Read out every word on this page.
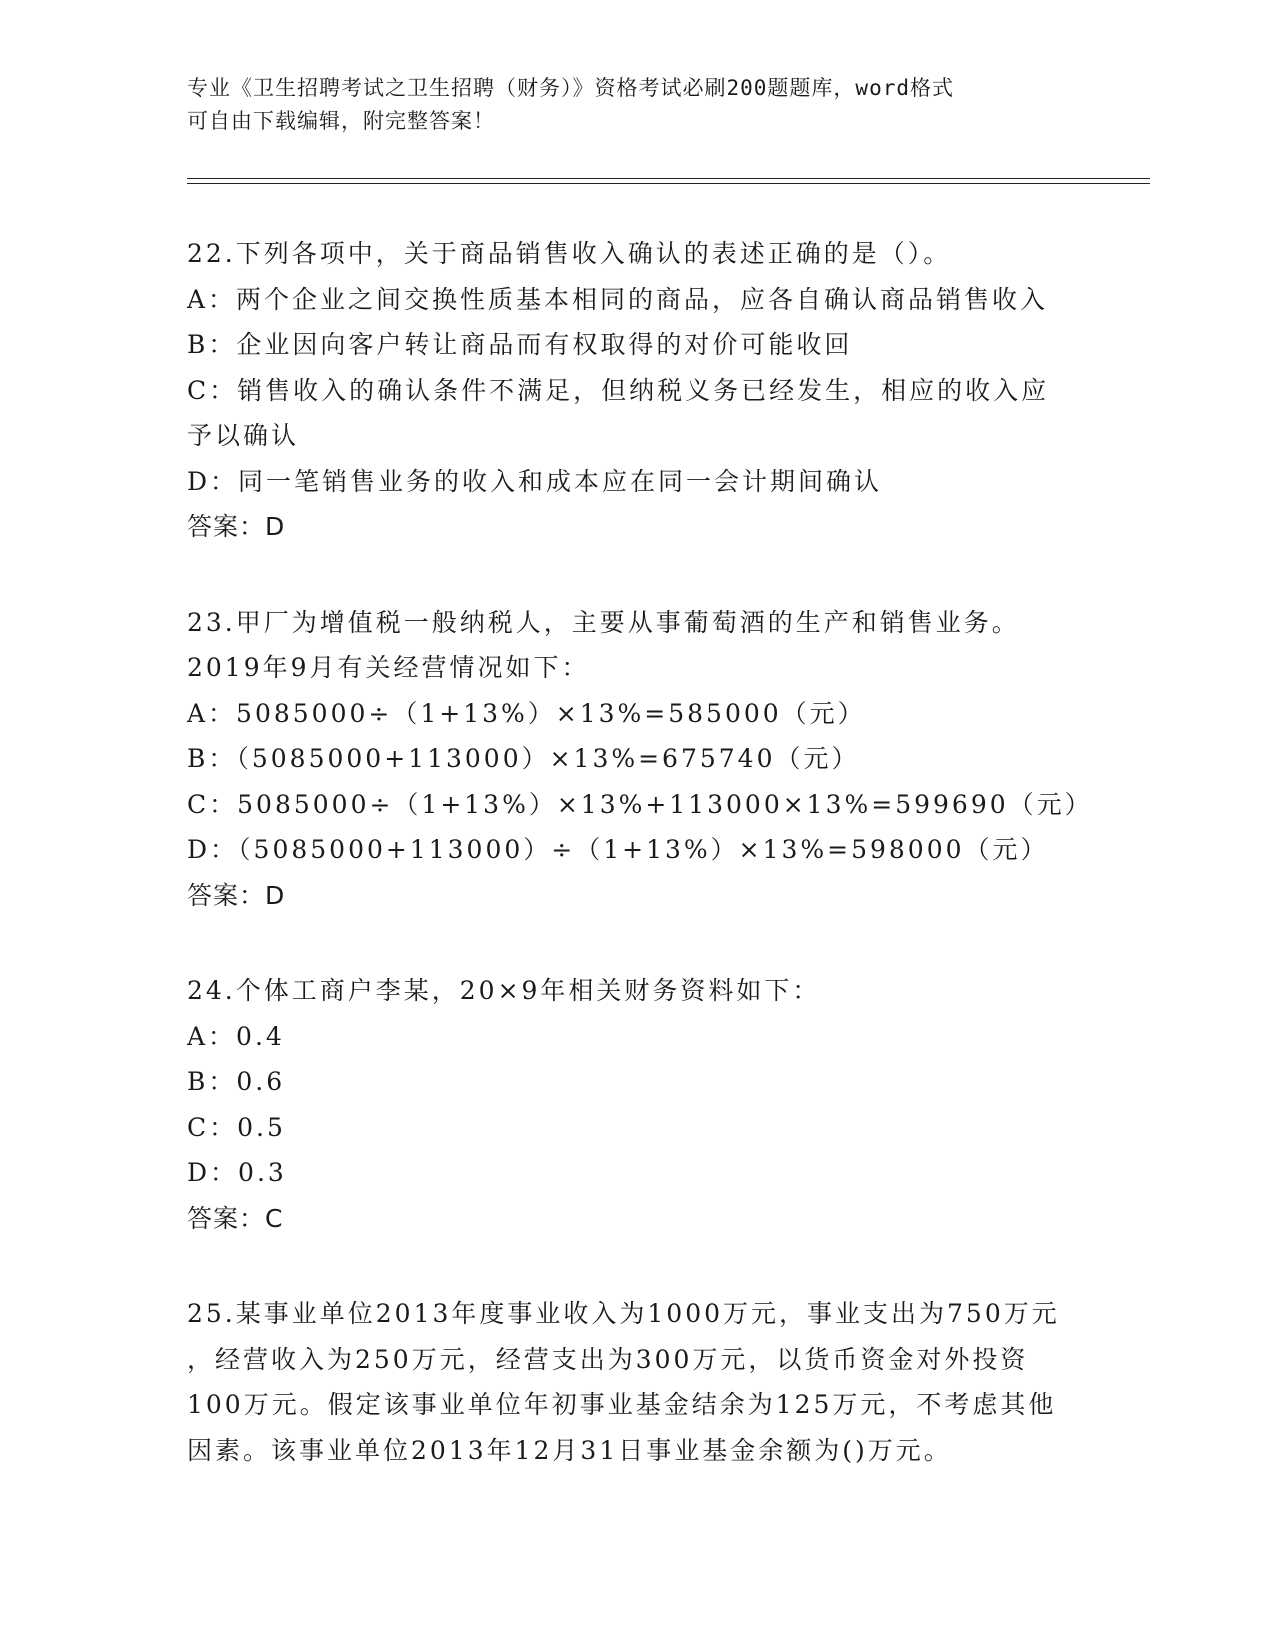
专业《卫生招聘考试之卫生招聘（财务）》资格考试必刷200题题库，word格式
可自由下载编辑，附完整答案！
22.下列各项中，关于商品销售收入确认的表述正确的是（）。
A：两个企业之间交换性质基本相同的商品，应各自确认商品销售收入
B：企业因向客户转让商品而有权取得的对价可能收回
C：销售收入的确认条件不满足，但纳税义务已经发生，相应的收入应
予以确认
D：同一笔销售业务的收入和成本应在同一会计期间确认
答案：D
23.甲厂为增值税一般纳税人，主要从事葡萄酒的生产和销售业务。
2019年9月有关经营情况如下：
A：5085000÷（1+13%）×13%=585000（元）
B：（5085000+113000）×13%=675740（元）
C：5085000÷（1+13%）×13%+113000×13%=599690（元）
D：（5085000+113000）÷（1+13%）×13%=598000（元）
答案：D
24.个体工商户李某，20×9年相关财务资料如下：
A：0.4
B：0.6
C：0.5
D：0.3
答案：C
25.某事业单位2013年度事业收入为1000万元，事业支出为750万元
，经营收入为250万元，经营支出为300万元，以货币资金对外投资
100万元。假定该事业单位年初事业基金结余为125万元，不考虑其他
因素。该事业单位2013年12月31日事业基金余额为()万元。
